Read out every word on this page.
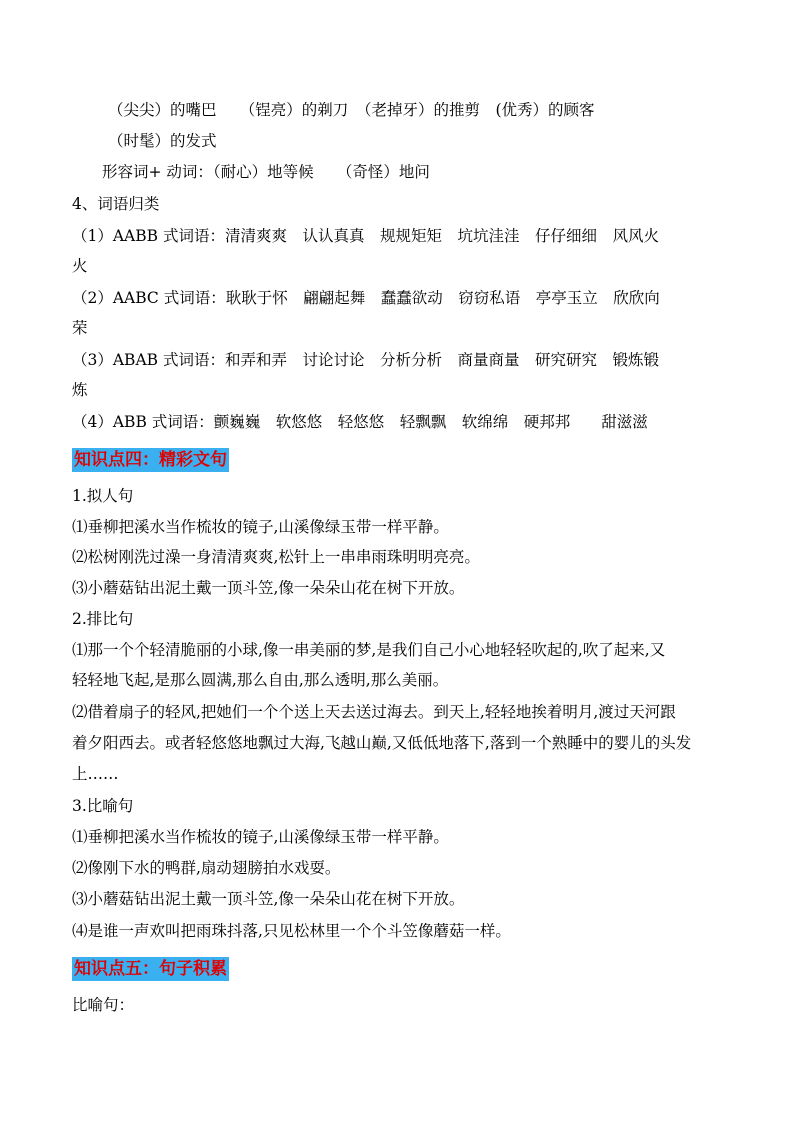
（尖尖）的嘴巴　　（锃亮）的剃刀　（老掉牙）的推剪　(优秀）的顾客
（时髦）的发式
形容词+ 动词：（耐心）地等候　　（奇怪）地问
4、词语归类
（1）AABB 式词语：清清爽爽　认认真真　规规矩矩　坑坑洼洼　仔仔细细　风风火
火
（2）AABC 式词语：耿耿于怀　翩翩起舞　蠢蠢欲动　窃窃私语　亭亭玉立　欣欣向
荣
（3）ABAB 式词语：和弄和弄　讨论讨论　分析分析　商量商量　研究研究　锻炼锻
炼
（4）ABB 式词语：颤巍巍　软悠悠　轻悠悠　轻飘飘　软绵绵　硬邦邦　　甜滋滋
知识点四：精彩文句
1.拟人句
⑴垂柳把溪水当作梳妆的镜子,山溪像绿玉带一样平静。
⑵松树刚洗过澡一身清清爽爽,松针上一串串雨珠明明亮亮。
⑶小蘑菇钻出泥土戴一顶斗笠,像一朵朵山花在树下开放。
2.排比句
⑴那一个个轻清脆丽的小球,像一串美丽的梦,是我们自己小心地轻轻吹起的,吹了起来,又
轻轻地飞起,是那么圆满,那么自由,那么透明,那么美丽。
⑵借着扇子的轻风,把她们一个个送上天去送过海去。到天上,轻轻地挨着明月,渡过天河跟
着夕阳西去。或者轻悠悠地飘过大海,飞越山巅,又低低地落下,落到一个熟睡中的婴儿的头发
上……
3.比喻句
⑴垂柳把溪水当作梳妆的镜子,山溪像绿玉带一样平静。
⑵像刚下水的鸭群,扇动翅膀拍水戏耍。
⑶小蘑菇钻出泥土戴一顶斗笠,像一朵朵山花在树下开放。
⑷是谁一声欢叫把雨珠抖落,只见松林里一个个斗笠像蘑菇一样。
知识点五：句子积累
比喻句：
